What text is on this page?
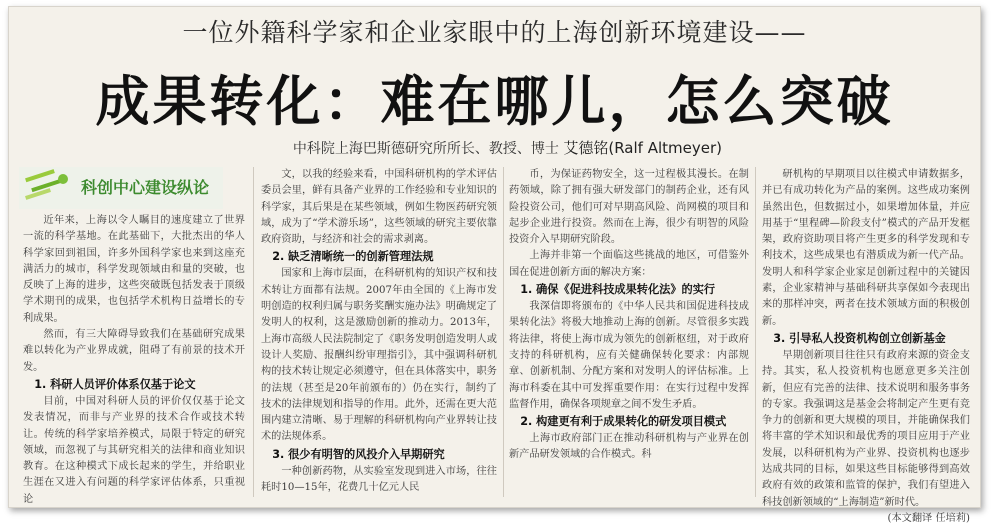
一位外籍科学家和企业家眼中的上海创新环境建设——
成果转化：难在哪儿，怎么突破
中科院上海巴斯德研究所所长、教授、博士 艾德铭(Ralf Altmeyer)
科创中心建设纵论

近年来，上海以令人瞩目的速度建立了世界一流的科学基地。在此基础下，大批杰出的华人科学家回到祖国，许多外国科学家也来到这座充满活力的城市，科学发现领域由和量的突破，也反映了上海的进步，这些突破既包括发表于顶级学术期刊的成果，也包括学术机构日益增长的专利成果。

然而，有三大障碍导致我们在基础研究成果难以转化为产业界成就，阻碍了有前景的技术开发。

1. 科研人员评价体系仅基于论文

目前，中国对科研人员的评价仅仅基于论文发表情况，而非与产业界的技术合作或技术转让。传统的科学家培养模式，局限于特定的研究领域，而忽视了与其研究相关的法律和商业知识教育。在这种模式下成长起来的学生，并给职业生涯在又进入有问题的科学家评估体系，只重视论

文，以我的经验来看，中国科研机构的学术评估委员会里，鲜有具备产业界的工作经验和专业知识的科学家，其后果是在某些领域，例如生物医药研究领域，成为了“学术游乐场”，这些领域的研究主要依靠政府资助，与经济和社会的需求剥离。

2. 缺乏清晰统一的创新管理法规

国家和上海市层面，在科研机构的知识产权和技术转让方面都有法规。2007年由全国的《上海市发明创造的权利归属与职务奖酬实施办法》明确规定了发明人的权利，这是激励创新的推动力。2013年，上海市高级人民法院制定了《职务发明创造发明人或设计人奖励、报酬纠纷审理指引》，其中强调科研机构的技术转让规定必须遵守，但在具体落实中，职务的法规（甚至是20年前颁布的）仍在实行，制约了技术的法律规划和指导的作用。此外，还需在更大范围内建立清晰、易于理解的科研机构向产业界转让技术的法规体系。

3. 很少有明智的风投介入早期研究

一种创新药物，从实验室发现到进入市场，往往耗时10—15年，花费几十亿元人民

币，为保证药物安全，这一过程极其漫长。在制药领域，除了拥有强大研发部门的制药企业，还有风险投资公司，他们可对早期高风险、尚网模的项目和起步企业进行投资。然而在上海，很少有明智的风险投资介入早期研究阶段。

上海并非第一个面临这些挑战的地区，可借鉴外国在促进创新方面的解决方案：

1. 确保《促进科技成果转化法》的实行

我深信即将颁布的《中华人民共和国促进科技成果转化法》将极大地推动上海的创新。尽管很多实践将法律，将使上海市成为领先的创新枢纽，对于政府支持的科研机构，应有关健确保转化要求：内部规章、创新机制、分配方案和对发明人的评估标准。上海市科委在其中可发挥重要作用：在实行过程中发挥监督作用，确保各项规章之间不发生矛盾。

2. 构建更有利于成果转化的研发项目模式

上海市政府部门正在推动科研机构与产业界在创新产品研发领域的合作模式。科

研机构的早期项目以往模式申请数据多，并已有成功转化为产品的案例。这些成功案例虽然出色，但数据过小，如果增加体量，并应用基于“里程碑—阶段支付”模式的产品开发框架，政府资助项目将产生更多的科学发现和专利技术，这些成果也有潜质成为新一代产品。发明人和科学家企业家足创新过程中的关键因素，企业家精神与基础科研共享保如今表现出来的那样冲突，两者在技术领域方面的积极创新。

3. 引导私人投资机构创立创新基金

早期创新项目往往只有政府来源的资金支持。其实，私人投资机构也愿意更多关注创新，但应有完善的法律、技术说明和服务事务的专家。我强调这是基金会将制定产生更有竞争力的创新和更大规模的项目，并能确保我们将丰富的学术知识和最优秀的项目应用于产业发展，以科研机构为产业界、投资机构也逐步达成共同的目标，如果这些目标能够得到高效政府有效的政策和监管的保护，我们有望进入科技创新领域的“上海制造”新时代。

(本文翻译 任培莉)
